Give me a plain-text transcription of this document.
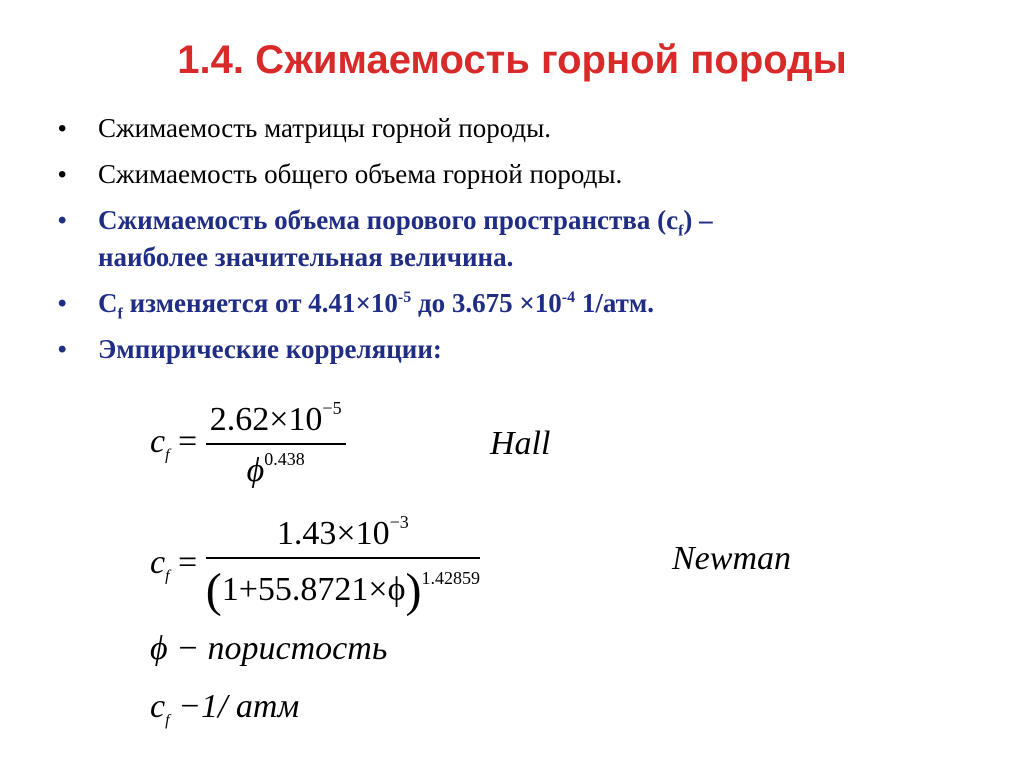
1.4. Сжимаемость горной породы
• Сжимаемость матрицы горной породы.
• Сжимаемость общего объема горной породы.
• Сжимаемость объема порового пространства $(c_f)$ –
наиболее значительная величина.
• $C_f$ изменяется от $4.41\times 10^{-5}$ до $3.675 \times 10^{-4}$ 1/атм.
• Эмпирические корреляции:
$c_f = \frac{2.62\times 10^{-5}}{\phi^{0.438}}$	Hall
$c_f = \frac{1.43\times 10^{-3}}{(1+55.8721\times\phi)^{1.42859}}$	Newman
ϕ − пористость
$c_f -1/$ атм
